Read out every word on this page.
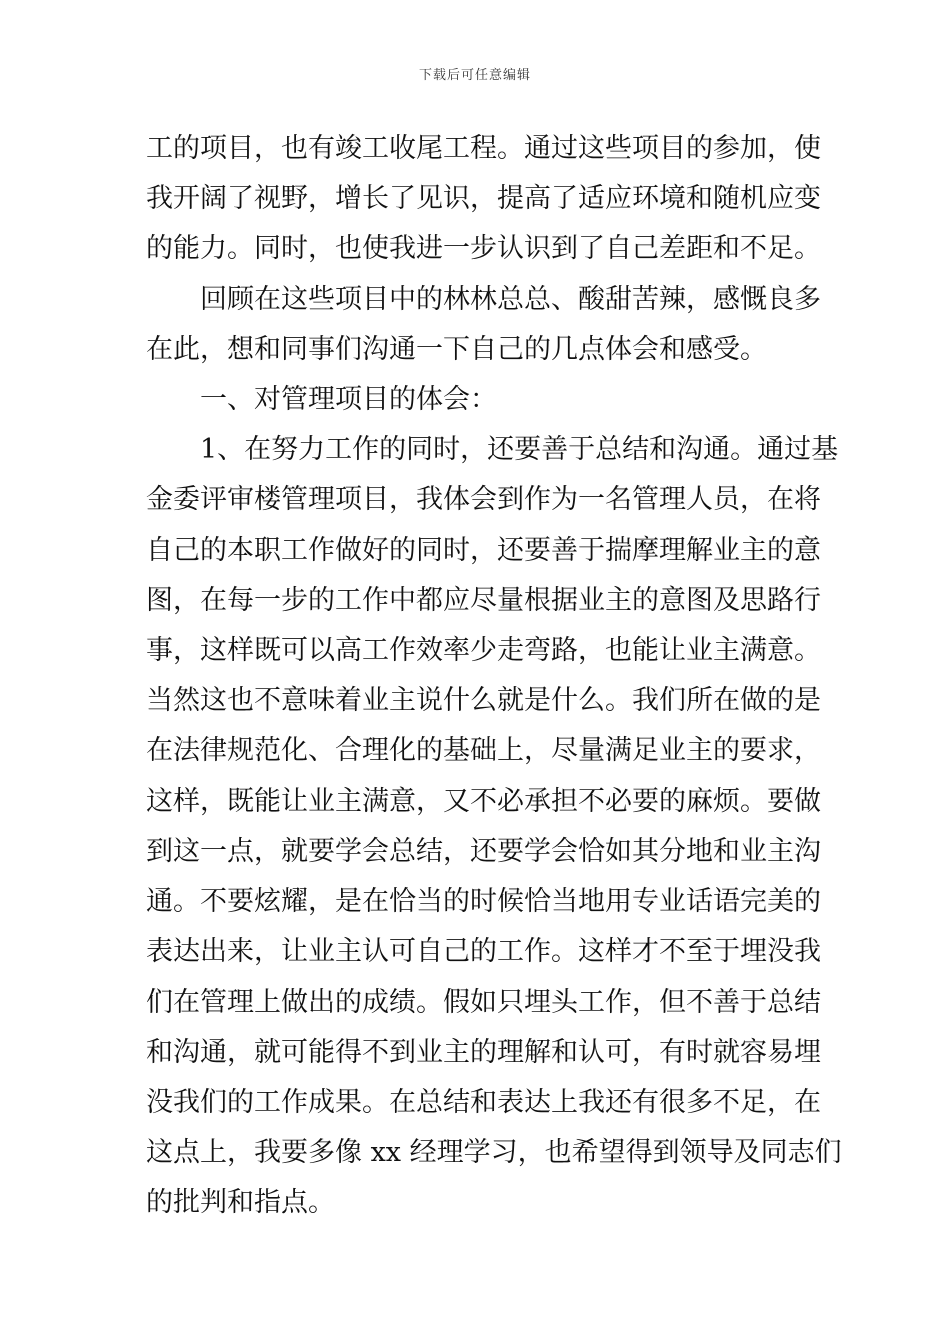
下载后可任意编辑
工的项目，也有竣工收尾工程。通过这些项目的参加，使
我开阔了视野，增长了见识，提高了适应环境和随机应变
的能力。同时，也使我进一步认识到了自己差距和不足。
回顾在这些项目中的林林总总、酸甜苦辣，感慨良多
在此，想和同事们沟通一下自己的几点体会和感受。
一、对管理项目的体会：
1、在努力工作的同时，还要善于总结和沟通。通过基
金委评审楼管理项目，我体会到作为一名管理人员，在将
自己的本职工作做好的同时，还要善于揣摩理解业主的意
图，在每一步的工作中都应尽量根据业主的意图及思路行
事，这样既可以高工作效率少走弯路，也能让业主满意。
当然这也不意味着业主说什么就是什么。我们所在做的是
在法律规范化、合理化的基础上，尽量满足业主的要求，
这样，既能让业主满意，又不必承担不必要的麻烦。要做
到这一点，就要学会总结，还要学会恰如其分地和业主沟
通。不要炫耀，是在恰当的时候恰当地用专业话语完美的
表达出来，让业主认可自己的工作。这样才不至于埋没我
们在管理上做出的成绩。假如只埋头工作，但不善于总结
和沟通，就可能得不到业主的理解和认可，有时就容易埋
没我们的工作成果。在总结和表达上我还有很多不足，在
这点上，我要多像 xx 经理学习，也希望得到领导及同志们
的批判和指点。
